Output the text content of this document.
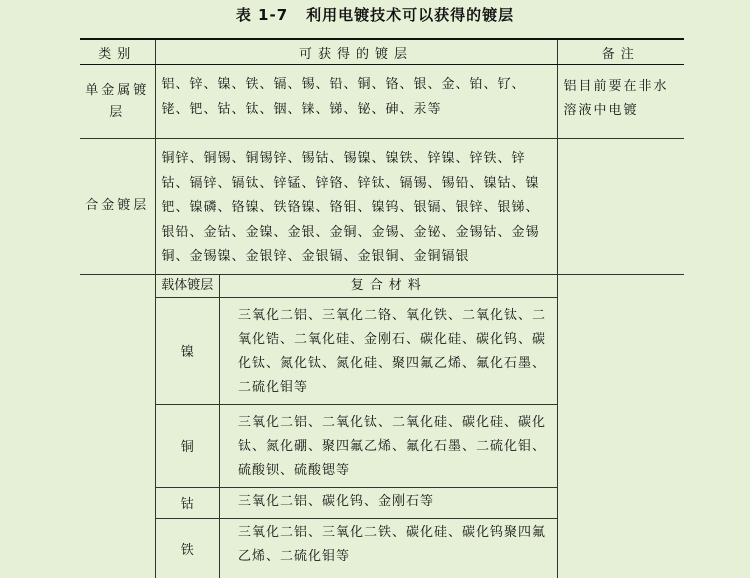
表 1-7 利用电镀技术可以获得的镀层
类别	可获得的镀层	备注
单金属镀层	铝、锌、镍、铁、镉、锡、铅、铜、铬、银、金、铂、钌、铑、钯、钴、钛、铟、铼、锑、铋、砷、汞等	铝目前要在非水溶液中电镀
合金镀层	铜锌、铜锡、铜锡锌、锡钴、锡镍、镍铁、锌镍、锌铁、锌钴、镉锌、镉钛、锌锰、锌铬、锌钛、镉锡、锡铅、镍钴、镍钯、镍磷、铬镍、铁铬镍、铬钼、镍钨、银镉、银锌、银锑、银铅、金钴、金镍、金银、金铜、金锡、金铋、金锡钴、金锡铜、金锡镍、金银锌、金银镉、金银铜、金铜镉银	

载体镀层	复合材料
镍	三氧化二铝、三氧化二铬、氧化铁、二氧化钛、二氧化锆、二氧化硅、金刚石、碳化硅、碳化钨、碳化钛、氮化钛、氮化硅、聚四氟乙烯、氟化石墨、二硫化钼等
铜	三氧化二铝、二氧化钛、二氧化硅、碳化硅、碳化钛、氮化硼、聚四氟乙烯、氟化石墨、二硫化钼、硫酸钡、硫酸锶等
钴	三氧化二铝、碳化钨、金刚石等
铁	三氧化二铝、三氧化二铁、碳化硅、碳化钨聚四氟乙烯、二硫化钼等
